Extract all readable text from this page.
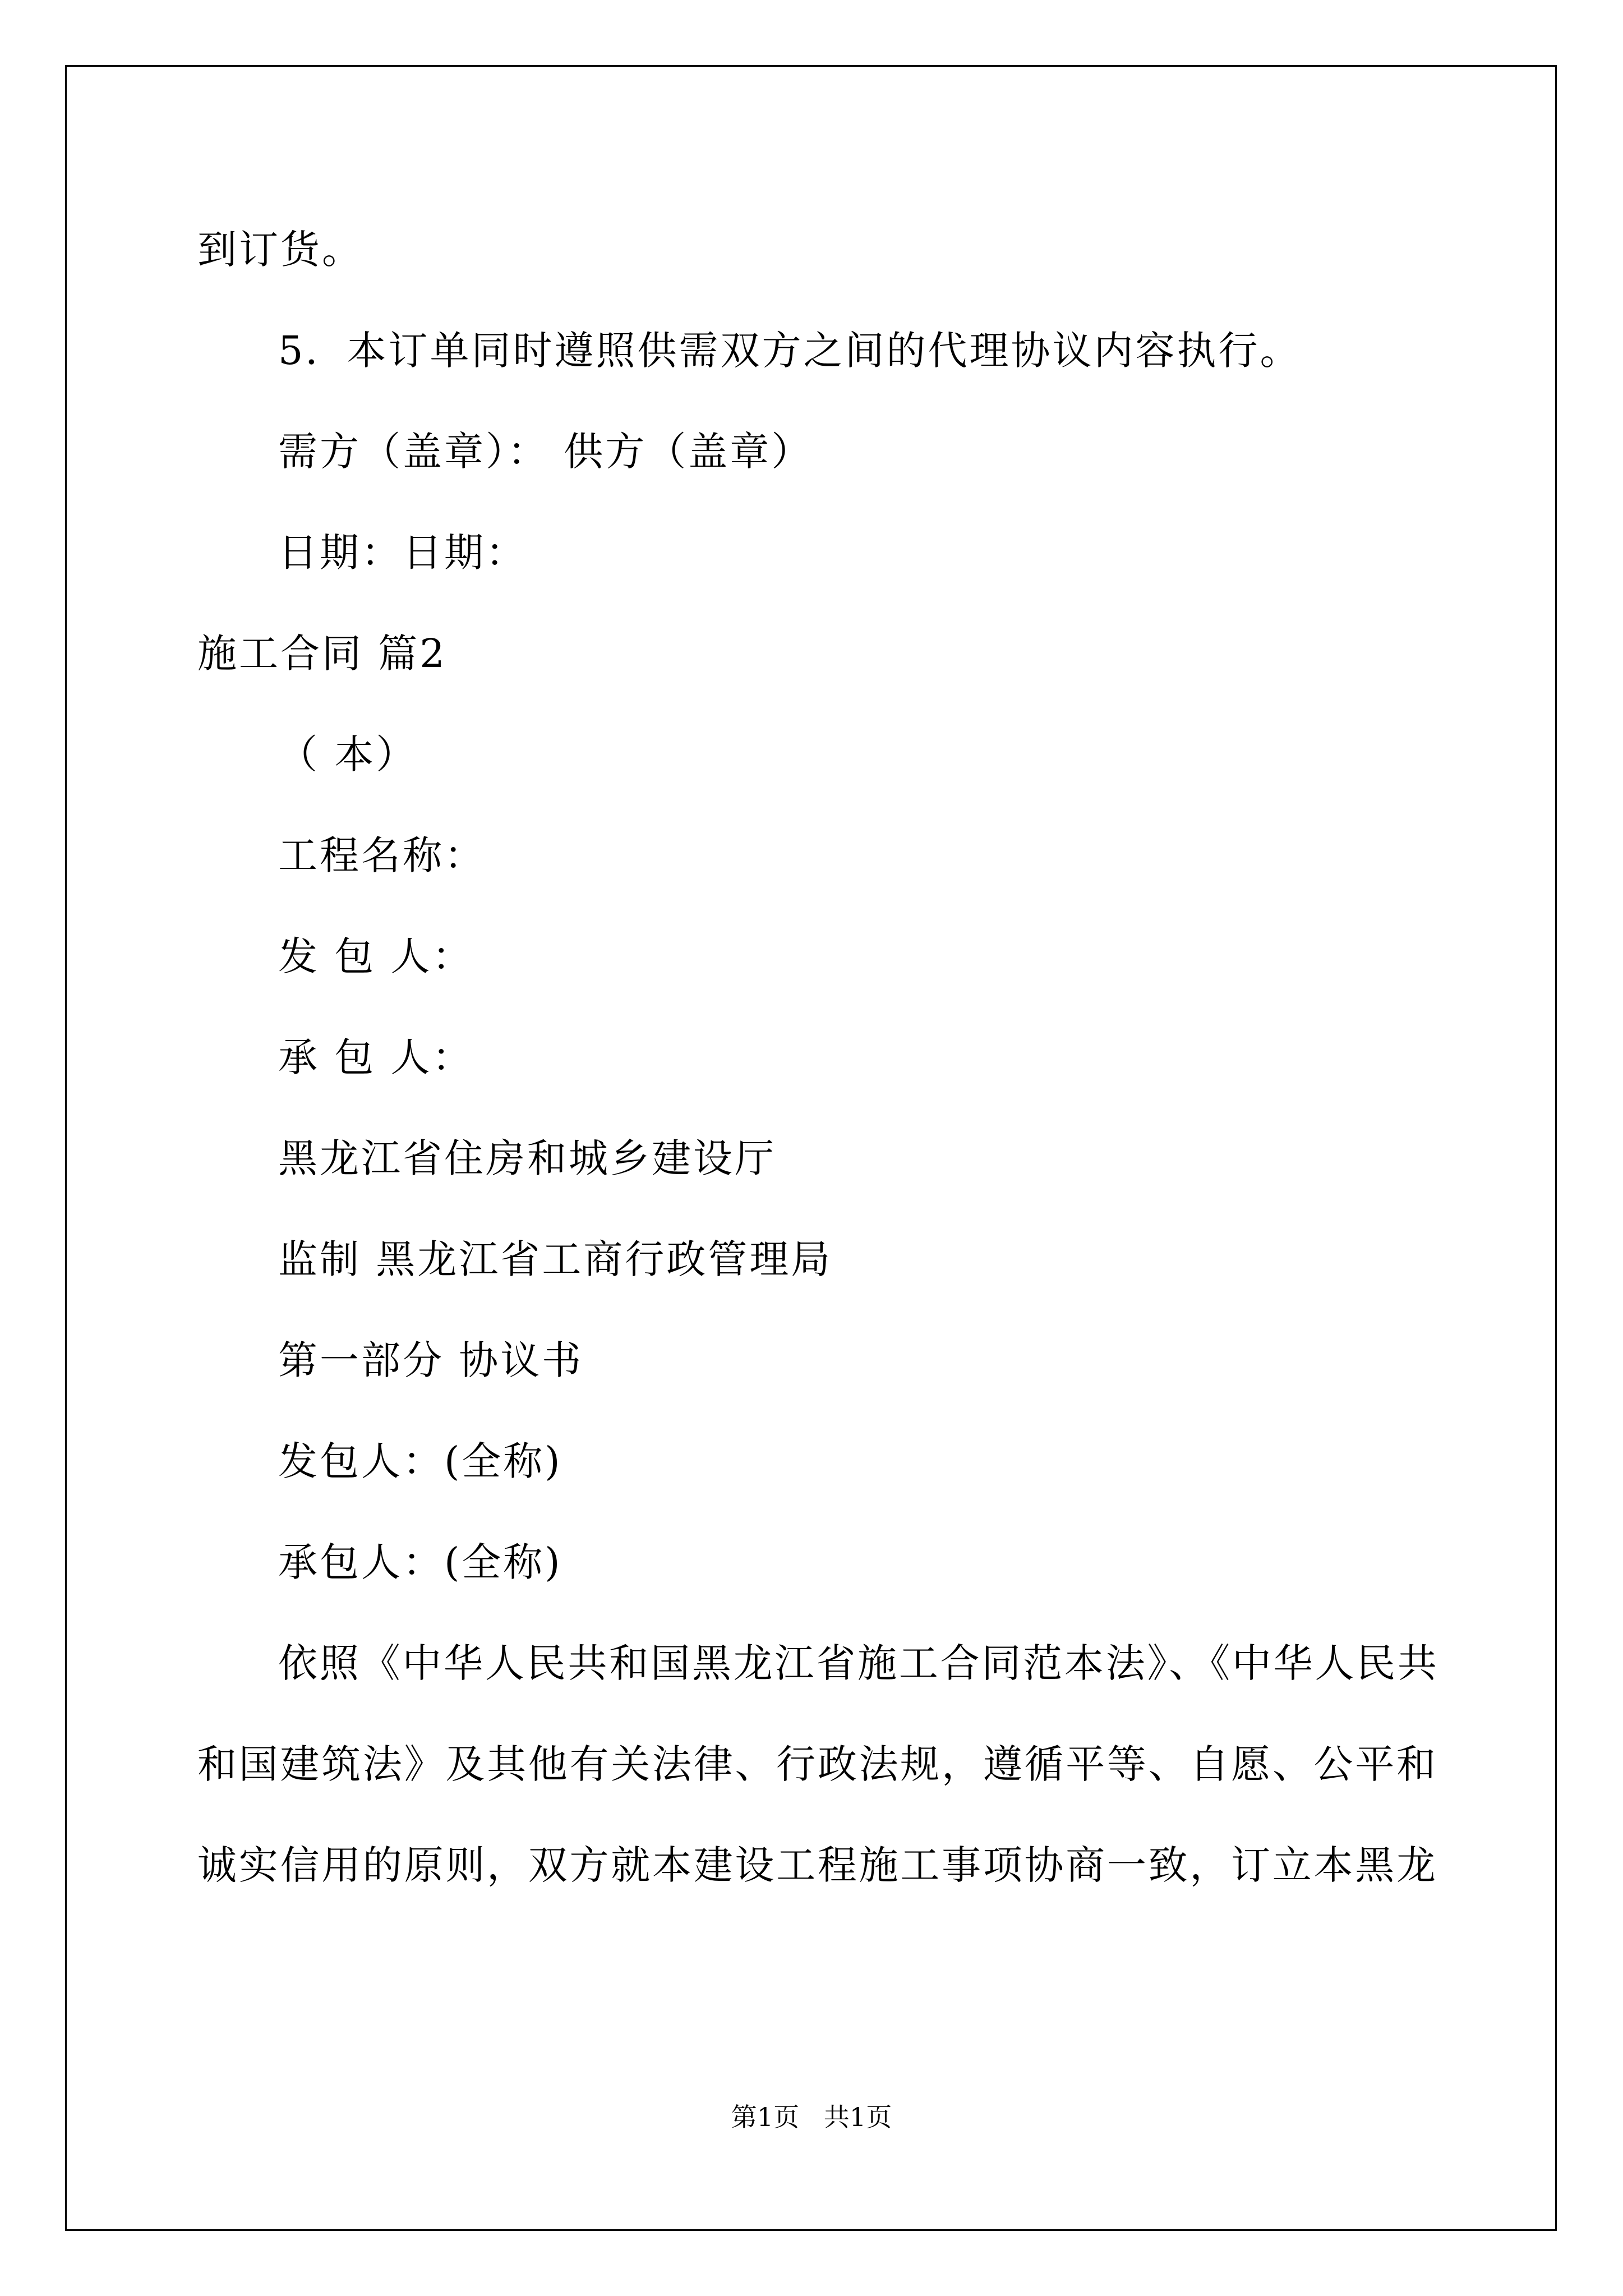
到订货。
5．本订单同时遵照供需双方之间的代理协议内容执行。
需方（盖章）： 供方（盖章）
日期：日期：
施工合同 篇2
（ 本）
工程名称：
发 包 人：
承 包 人：
黑龙江省住房和城乡建设厅
监制 黑龙江省工商行政管理局
第一部分 协议书
发包人：(全称)
承包人：(全称)
依照《中华人民共和国黑龙江省施工合同范本法》、《中华人民共
和国建筑法》及其他有关法律、行政法规，遵循平等、自愿、公平和
诚实信用的原则，双方就本建设工程施工事项协商一致，订立本黑龙
第1页   共1页
